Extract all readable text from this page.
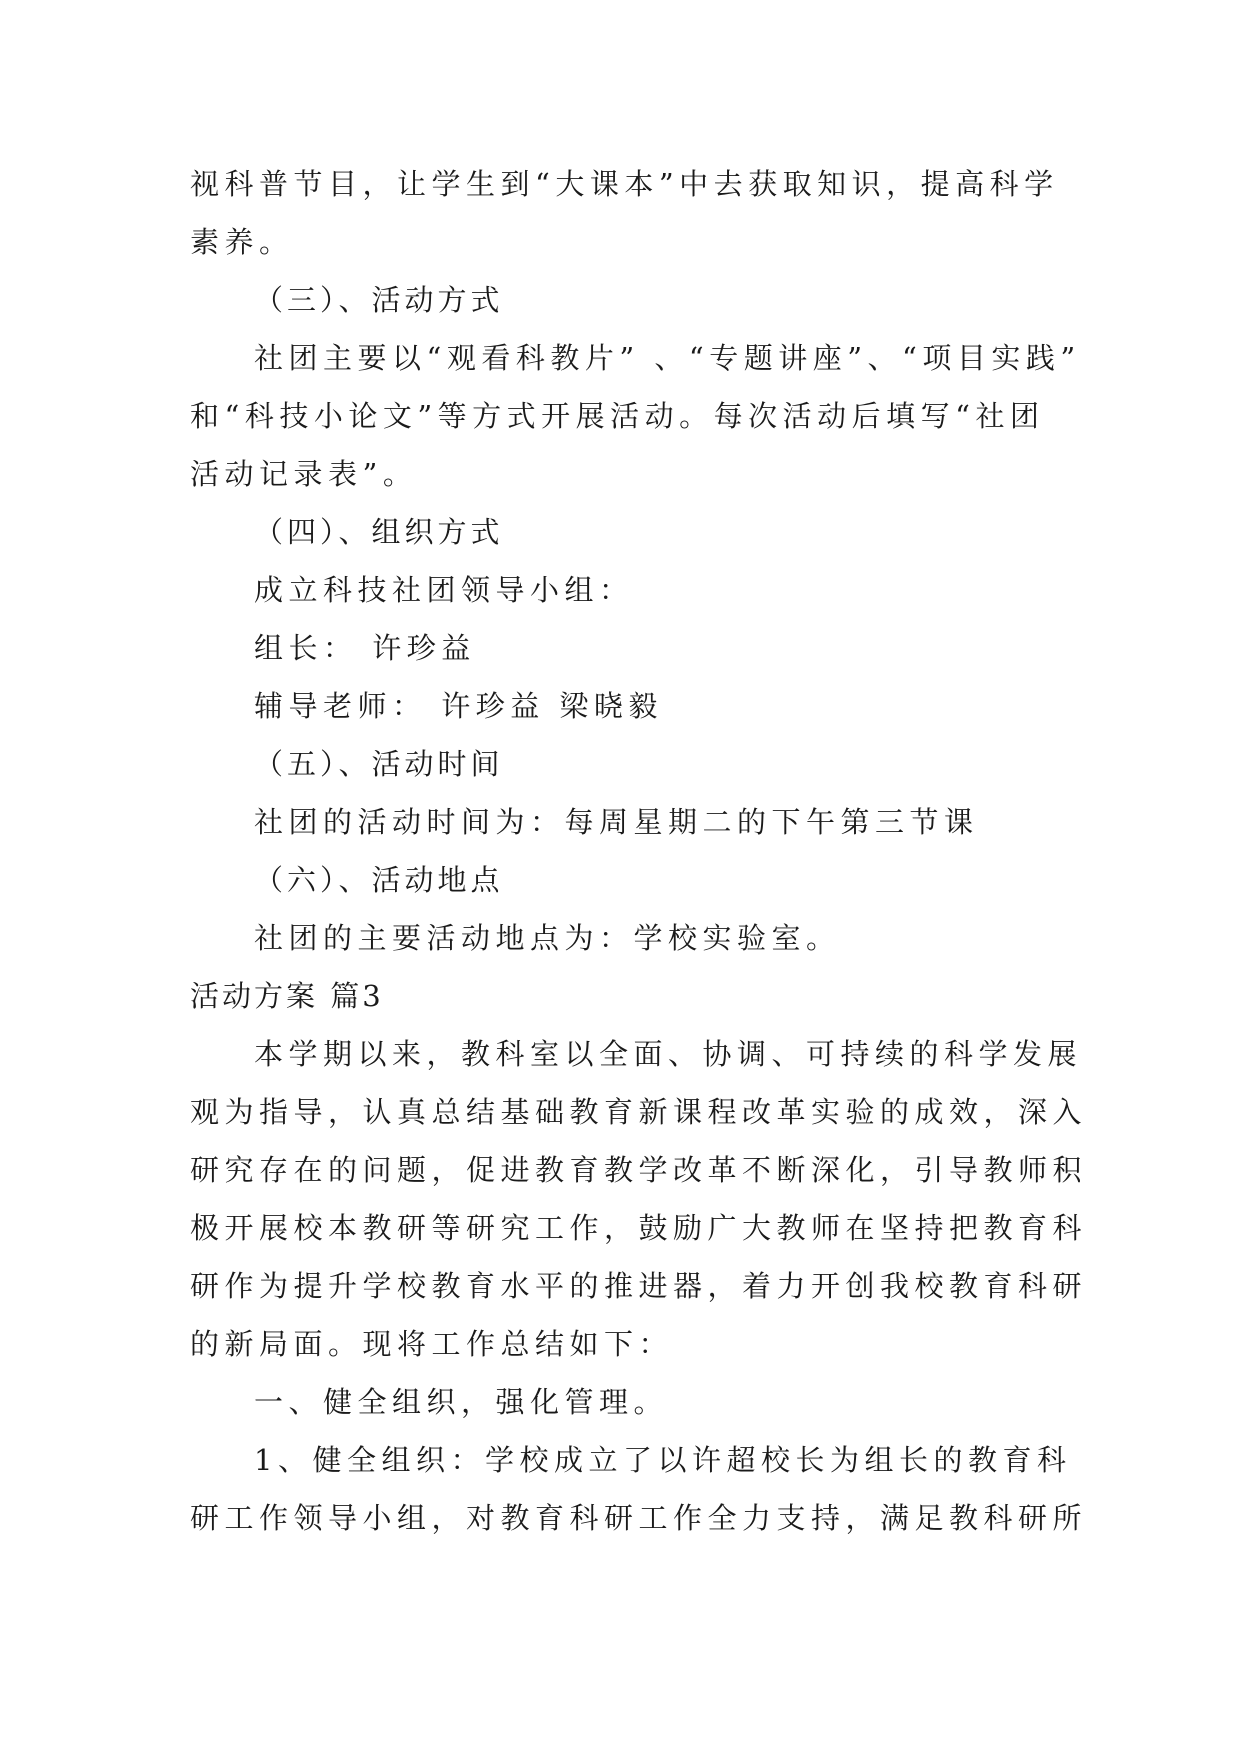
视科普节目，让学生到“大课本”中去获取知识，提高科学

素养。

（三）、活动方式

社团主要以“观看科教片” 、“专题讲座”、“项目实践”

和“科技小论文”等方式开展活动。每次活动后填写“社团

活动记录表”。

（四）、组织方式

成立科技社团领导小组：

组长： 许珍益

辅导老师： 许珍益 梁晓毅

（五）、活动时间

社团的活动时间为：每周星期二的下午第三节课

（六）、活动地点

社团的主要活动地点为：学校实验室。

活动方案 篇3

本学期以来，教科室以全面、协调、可持续的科学发展

观为指导，认真总结基础教育新课程改革实验的成效，深入

研究存在的问题，促进教育教学改革不断深化，引导教师积

极开展校本教研等研究工作，鼓励广大教师在坚持把教育科

研作为提升学校教育水平的推进器，着力开创我校教育科研

的新局面。现将工作总结如下：

一、健全组织，强化管理。

1、健全组织：学校成立了以许超校长为组长的教育科

研工作领导小组，对教育科研工作全力支持，满足教科研所
